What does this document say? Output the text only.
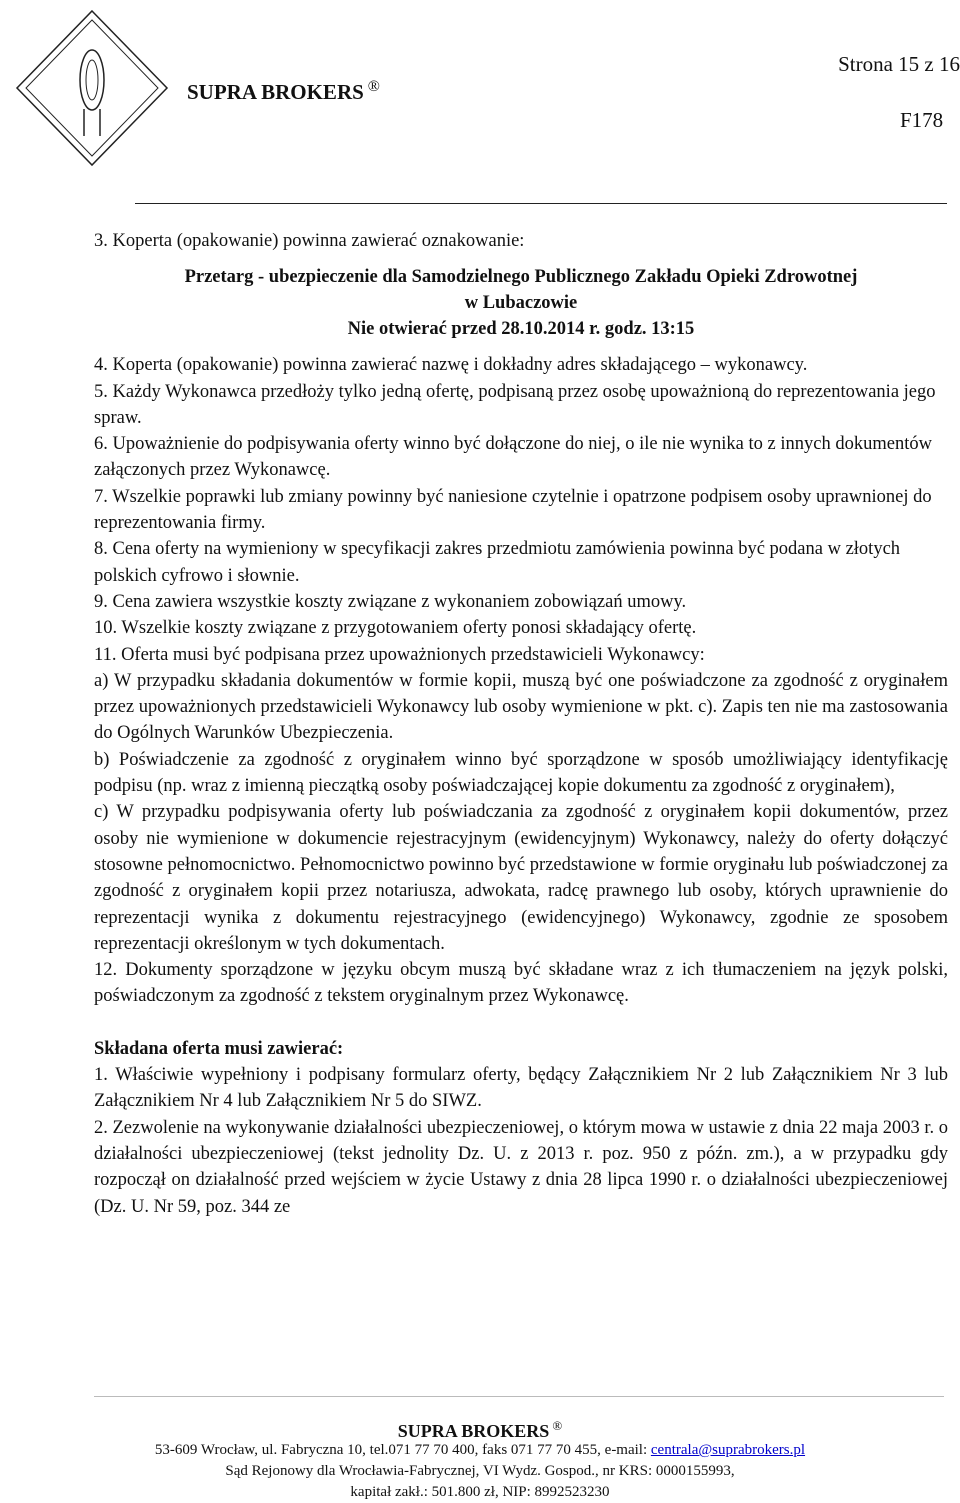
SUPRA BROKERS ®
Strona 15 z 16
F178

3. Koperta (opakowanie) powinna zawierać oznakowanie:

Przetarg - ubezpieczenie dla Samodzielnego Publicznego Zakładu Opieki Zdrowotnej
w Lubaczowie
Nie otwierać przed 28.10.2014 r. godz. 13:15

4. Koperta (opakowanie) powinna zawierać nazwę i dokładny adres składającego – wykonawcy.

5. Każdy Wykonawca przedłoży tylko jedną ofertę, podpisaną przez osobę upoważnioną do reprezentowania jego spraw.

6. Upoważnienie do podpisywania oferty winno być dołączone do niej, o ile nie wynika to z innych dokumentów załączonych przez Wykonawcę.

7. Wszelkie poprawki lub zmiany powinny być naniesione czytelnie i opatrzone podpisem osoby uprawnionej do reprezentowania firmy.

8. Cena oferty na wymieniony w specyfikacji zakres przedmiotu zamówienia powinna być podana w złotych polskich cyfrowo i słownie.

9. Cena zawiera wszystkie koszty związane z wykonaniem zobowiązań umowy.

10. Wszelkie koszty związane z przygotowaniem oferty ponosi składający ofertę.

11. Oferta musi być podpisana przez upoważnionych przedstawicieli Wykonawcy:

a) W przypadku składania dokumentów w formie kopii, muszą być one poświadczone za zgodność z oryginałem przez upoważnionych przedstawicieli Wykonawcy lub osoby wymienione w pkt. c). Zapis ten nie ma zastosowania do Ogólnych Warunków Ubezpieczenia.

b) Poświadczenie za zgodność z oryginałem winno być sporządzone w sposób umożliwiający identyfikację podpisu (np. wraz z imienną pieczątką osoby poświadczającej kopie dokumentu za zgodność z oryginałem),

c) W przypadku podpisywania oferty lub poświadczania za zgodność z oryginałem kopii dokumentów, przez osoby nie wymienione w dokumencie rejestracyjnym (ewidencyjnym) Wykonawcy, należy do oferty dołączyć stosowne pełnomocnictwo. Pełnomocnictwo powinno być przedstawione w formie oryginału lub poświadczonej za zgodność z oryginałem kopii przez notariusza, adwokata, radcę prawnego lub osoby, których uprawnienie do reprezentacji wynika z dokumentu rejestracyjnego (ewidencyjnego) Wykonawcy, zgodnie ze sposobem reprezentacji określonym w tych dokumentach.

12. Dokumenty sporządzone w języku obcym muszą być składane wraz z ich tłumaczeniem na język polski, poświadczonym za zgodność z tekstem oryginalnym przez Wykonawcę.

Składana oferta musi zawierać:

1. Właściwie wypełniony i podpisany formularz oferty, będący Załącznikiem Nr 2 lub Załącznikiem Nr 3 lub Załącznikiem Nr 4 lub Załącznikiem Nr 5 do SIWZ.

2. Zezwolenie na wykonywanie działalności ubezpieczeniowej, o którym mowa w ustawie z dnia 22 maja 2003 r. o działalności ubezpieczeniowej (tekst jednolity Dz. U. z 2013 r. poz. 950 z późn. zm.), a w przypadku gdy rozpoczął on działalność przed wejściem w życie Ustawy z dnia 28 lipca 1990 r. o działalności ubezpieczeniowej (Dz. U. Nr 59, poz. 344 ze

SUPRA BROKERS ®
53-609 Wrocław, ul. Fabryczna 10, tel.071 77 70 400, faks 071 77 70 455, e-mail: centrala@suprabrokers.pl
Sąd Rejonowy dla Wrocławia-Fabrycznej, VI Wydz. Gospod., nr KRS: 0000155993,
kapitał zakł.: 501.800 zł, NIP: 8992523230
